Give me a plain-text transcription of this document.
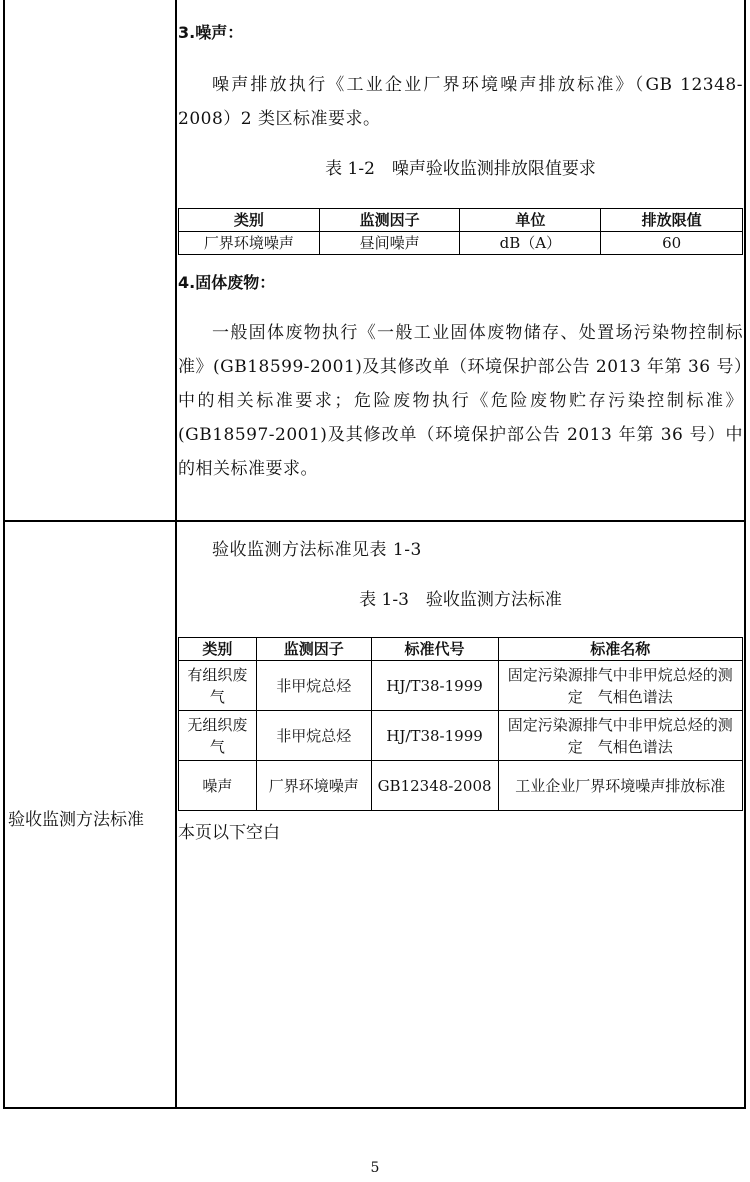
3.噪声：
噪声排放执行《工业企业厂界环境噪声排放标准》（GB 12348-2008）2 类区标准要求。
表 1-2　噪声验收监测排放限值要求
类别	监测因子	单位	排放限值
厂界环境噪声	昼间噪声	dB（A）	60
4.固体废物：
一般固体废物执行《一般工业固体废物储存、处置场污染物控制标准》(GB18599-2001)及其修改单（环境保护部公告 2013 年第 36 号）中的相关标准要求；危险废物执行《危险废物贮存污染控制标准》(GB18597-2001)及其修改单（环境保护部公告 2013 年第 36 号）中的相关标准要求。
验收监测方法标准
验收监测方法标准见表 1-3
表 1-3　验收监测方法标准
类别	监测因子	标准代号	标准名称
有组织废气	非甲烷总烃	HJ/T38-1999	固定污染源排气中非甲烷总烃的测定　气相色谱法
无组织废气	非甲烷总烃	HJ/T38-1999	固定污染源排气中非甲烷总烃的测定　气相色谱法
噪声	厂界环境噪声	GB12348-2008	工业企业厂界环境噪声排放标准
本页以下空白
5
